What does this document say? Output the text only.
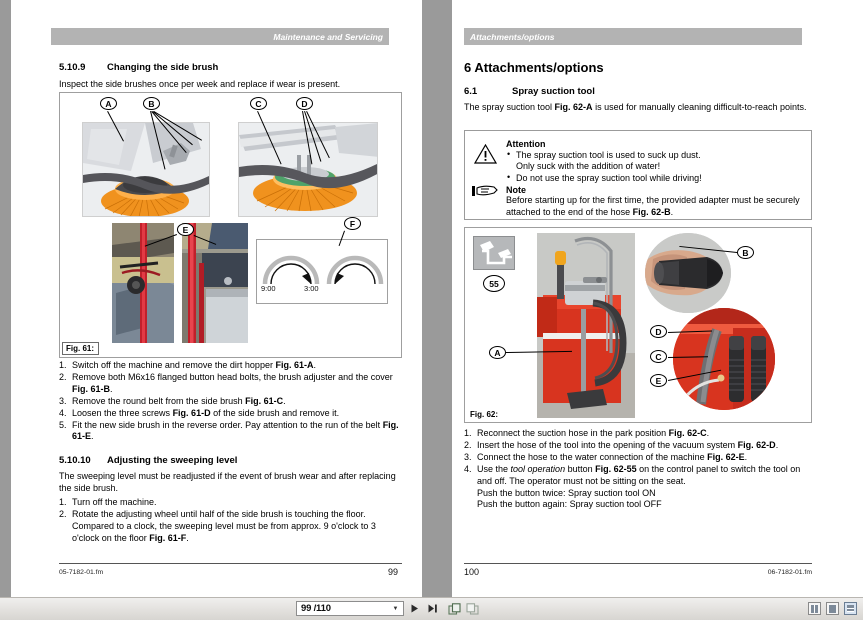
Maintenance and Servicing
5.10.9	Changing the side brush
Inspect the side brushes once per week and replace if wear is present.
A	B	C	D
E
9:00	3:00
F
Fig. 61:
1. Switch off the machine and remove the dirt hopper Fig. 61-A.
2. Remove both M6x16 flanged button head bolts, the brush adjuster and the cover Fig. 61-B.
3. Remove the round belt from the side brush Fig. 61-C.
4. Loosen the three screws Fig. 61-D of the side brush and remove it.
5. Fit the new side brush in the reverse order. Pay attention to the run of the belt Fig. 61-E.
5.10.10	Adjusting the sweeping level
The sweeping level must be readjusted if the event of brush wear and after replacing the side brush.
1. Turn off the machine.
2. Rotate the adjusting wheel until half of the side brush is touching the floor. Compared to a clock, the sweeping level must be from approx. 9 o'clock to 3 o'clock on the floor Fig. 61-F.
05-7182-01.fm	99
Attachments/options
6 Attachments/options
6.1	Spray suction tool
The spray suction tool Fig. 62-A is used for manually cleaning difficult-to-reach points.
Attention
• The spray suction tool is used to suck up dust.
Only suck with the addition of water!
• Do not use the spray suction tool while driving!
Note
Before starting up for the first time, the provided adapter must be securely attached to the end of the hose Fig. 62-B.
55
A
B
D
C
E
Fig. 62:
1. Reconnect the suction hose in the park position Fig. 62-C.
2. Insert the hose of the tool into the opening of the vacuum system Fig. 62-D.
3. Connect the hose to the water connection of the machine Fig. 62-E.
4. Use the tool operation button Fig. 62-55 on the control panel to switch the tool on and off. The operator must not be sitting on the seat.
Push the button twice: Spray suction tool ON
Push the button again: Spray suction tool OFF
100	06-7182-01.fm
99 /110	▼
